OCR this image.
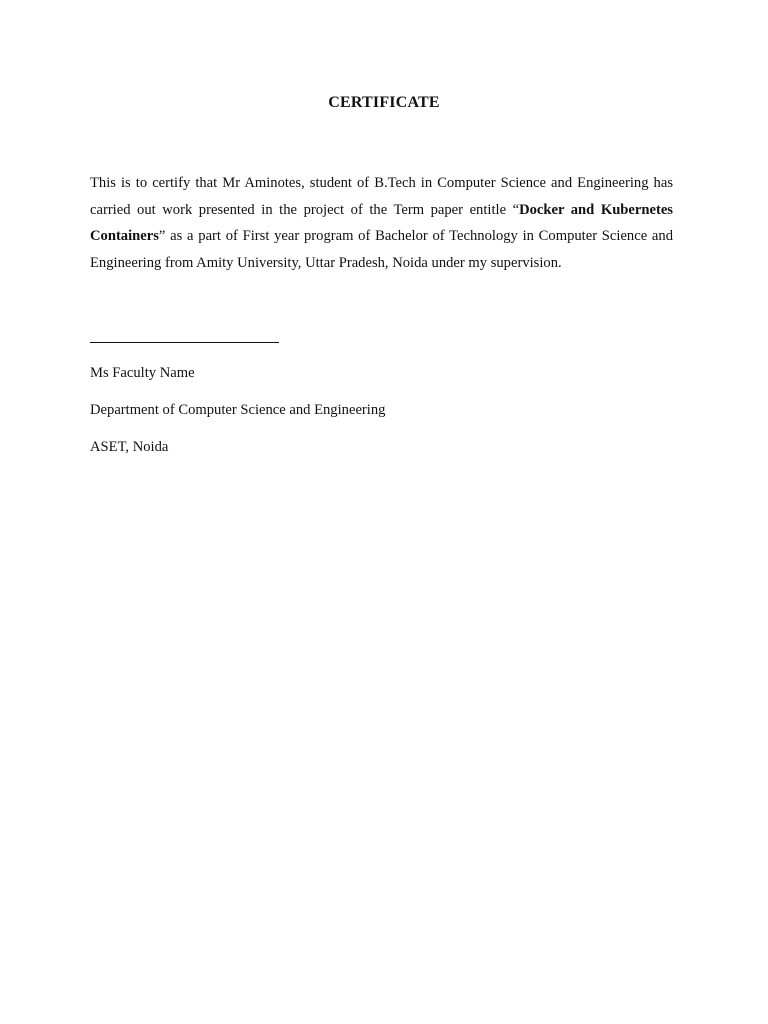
CERTIFICATE

This is to certify that Mr Aminotes, student of B.Tech in Computer Science and Engineering has carried out work presented in the project of the Term paper entitle “Docker and Kubernetes Containers” as a part of First year program of Bachelor of Technology in Computer Science and Engineering from Amity University, Uttar Pradesh, Noida under my supervision.

Ms Faculty Name
Department of Computer Science and Engineering
ASET, Noida
